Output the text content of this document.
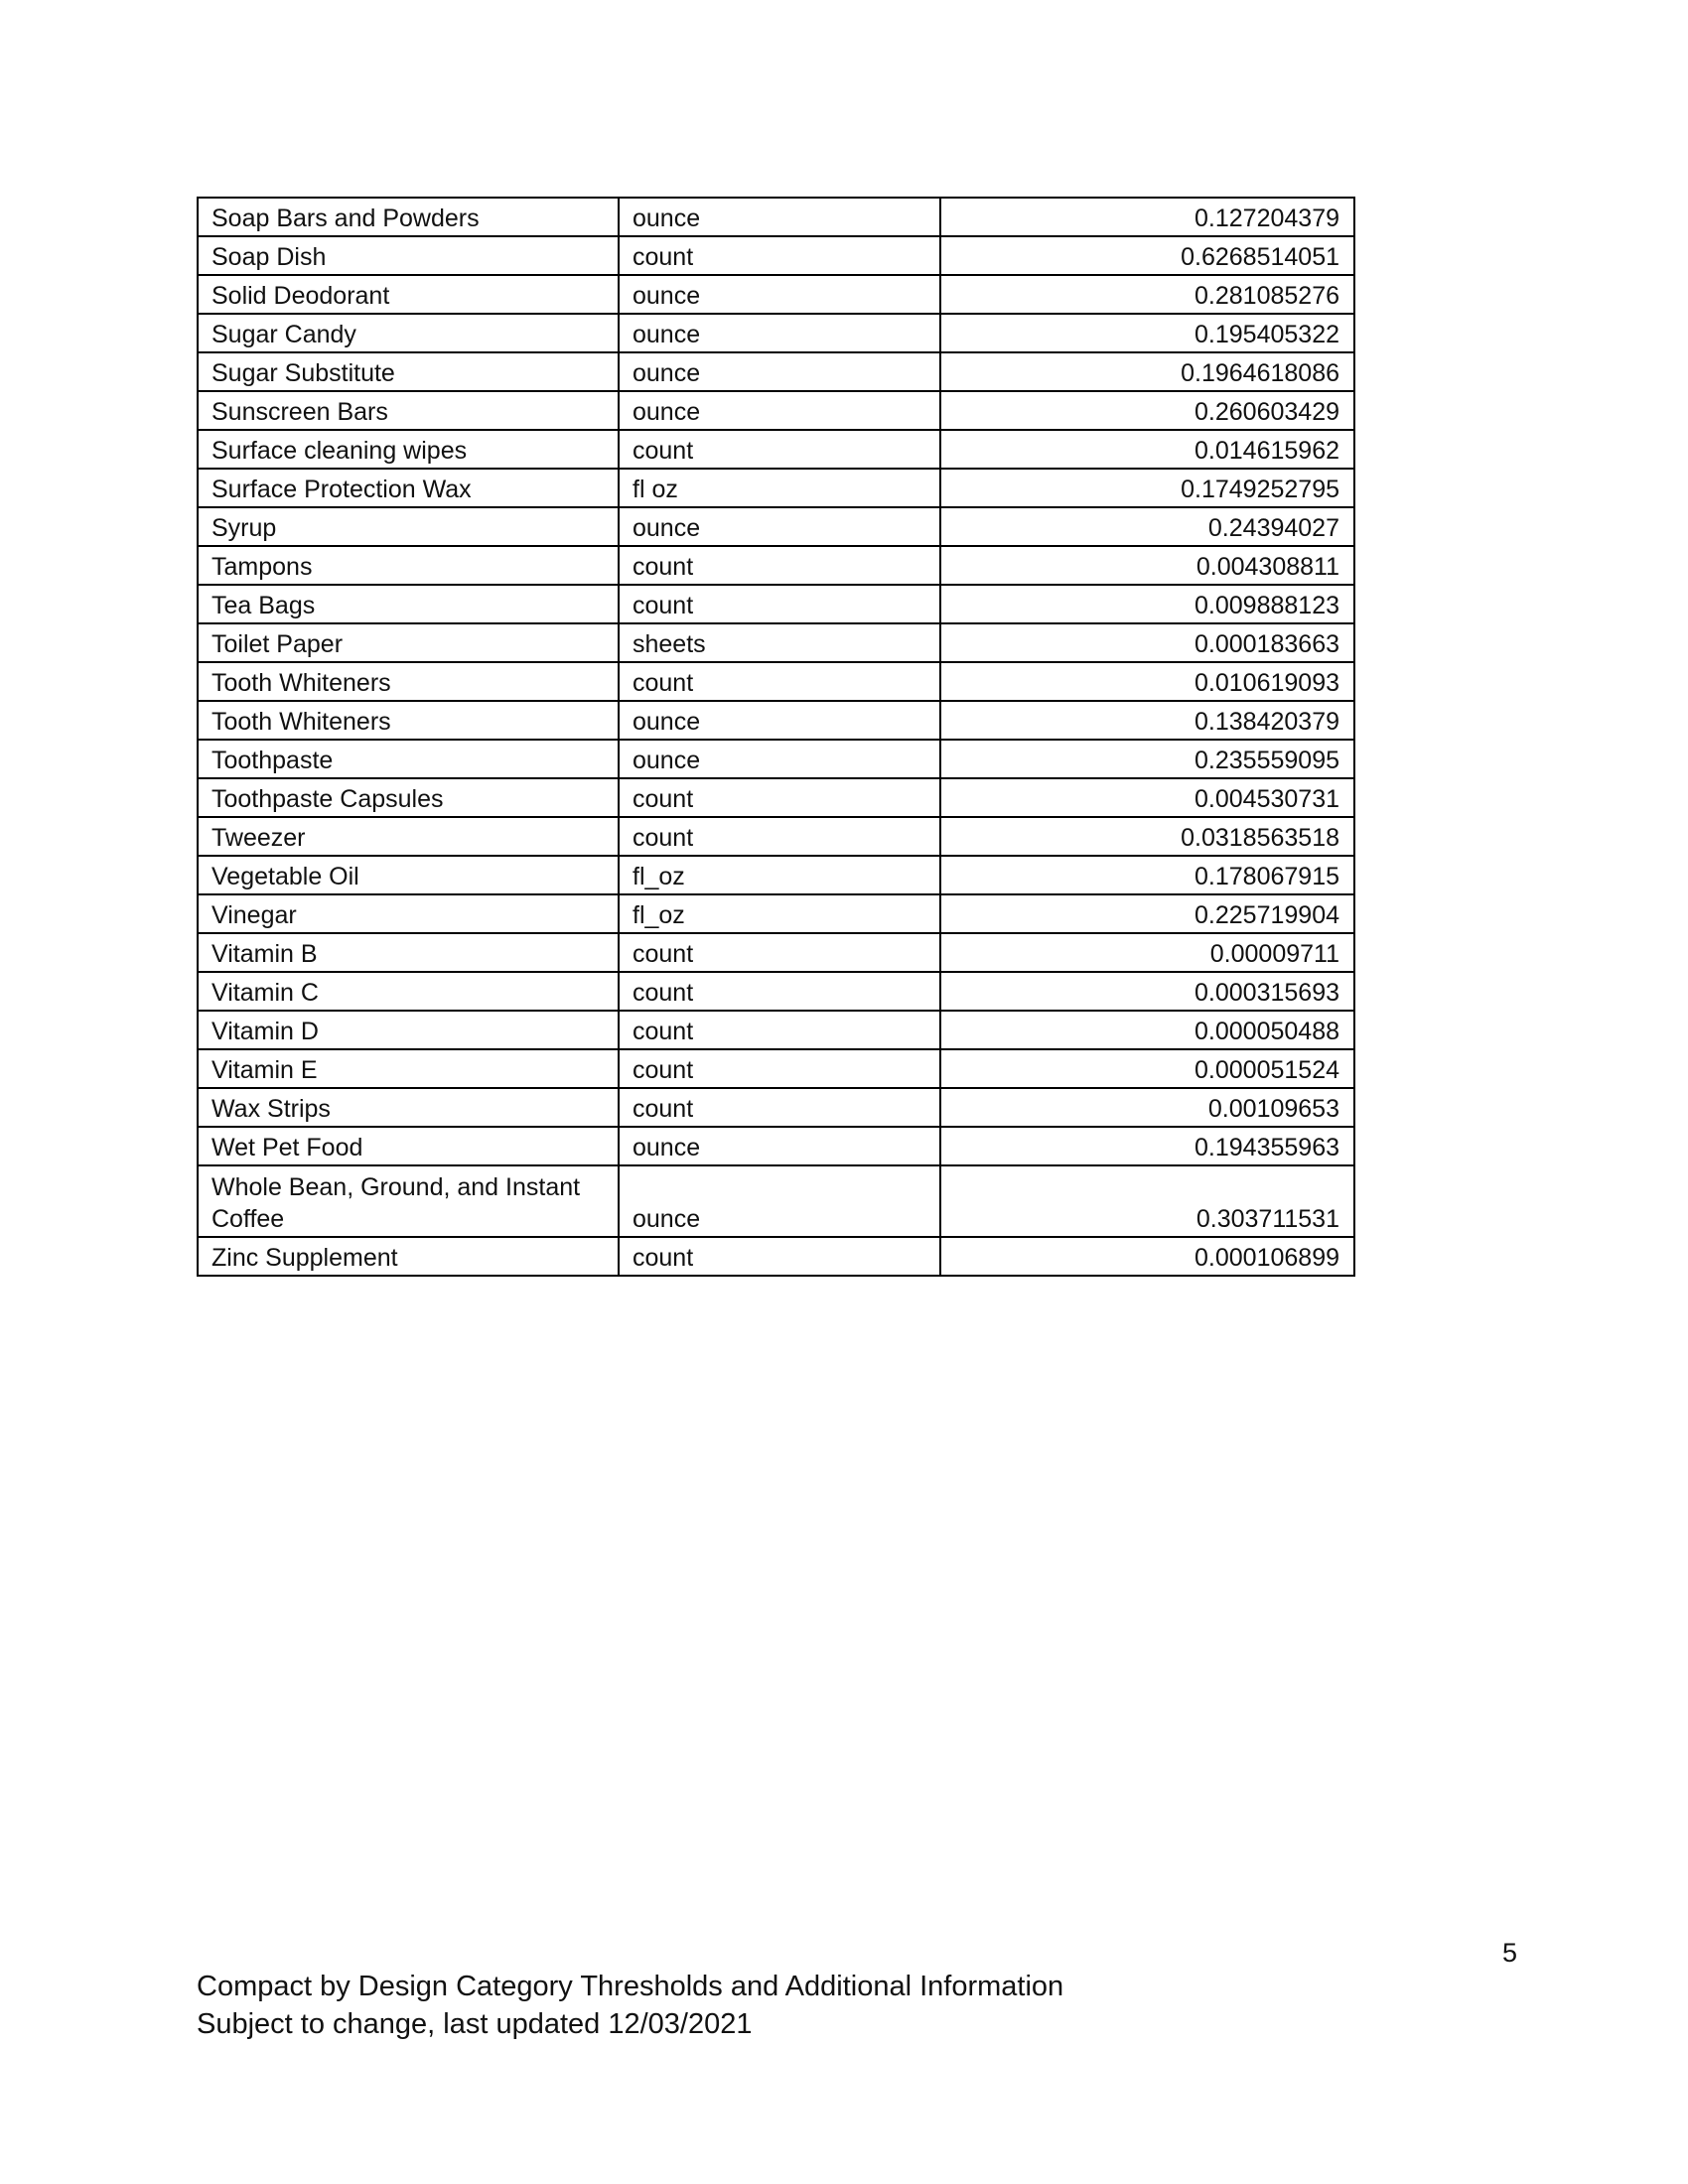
Soap Bars and Powders	ounce	0.127204379
Soap Dish	count	0.6268514051
Solid Deodorant	ounce	0.281085276
Sugar Candy	ounce	0.195405322
Sugar Substitute	ounce	0.1964618086
Sunscreen Bars	ounce	0.260603429
Surface cleaning wipes	count	0.014615962
Surface Protection Wax	fl oz	0.1749252795
Syrup	ounce	0.24394027
Tampons	count	0.004308811
Tea Bags	count	0.009888123
Toilet Paper	sheets	0.000183663
Tooth Whiteners	count	0.010619093
Tooth Whiteners	ounce	0.138420379
Toothpaste	ounce	0.235559095
Toothpaste Capsules	count	0.004530731
Tweezer	count	0.0318563518
Vegetable Oil	fl_oz	0.178067915
Vinegar	fl_oz	0.225719904
Vitamin B	count	0.00009711
Vitamin C	count	0.000315693
Vitamin D	count	0.000050488
Vitamin E	count	0.000051524
Wax Strips	count	0.00109653
Wet Pet Food	ounce	0.194355963
Whole Bean, Ground, and Instant Coffee	ounce	0.303711531
Zinc Supplement	count	0.000106899
5
Compact by Design Category Thresholds and Additional Information
Subject to change, last updated 12/03/2021
